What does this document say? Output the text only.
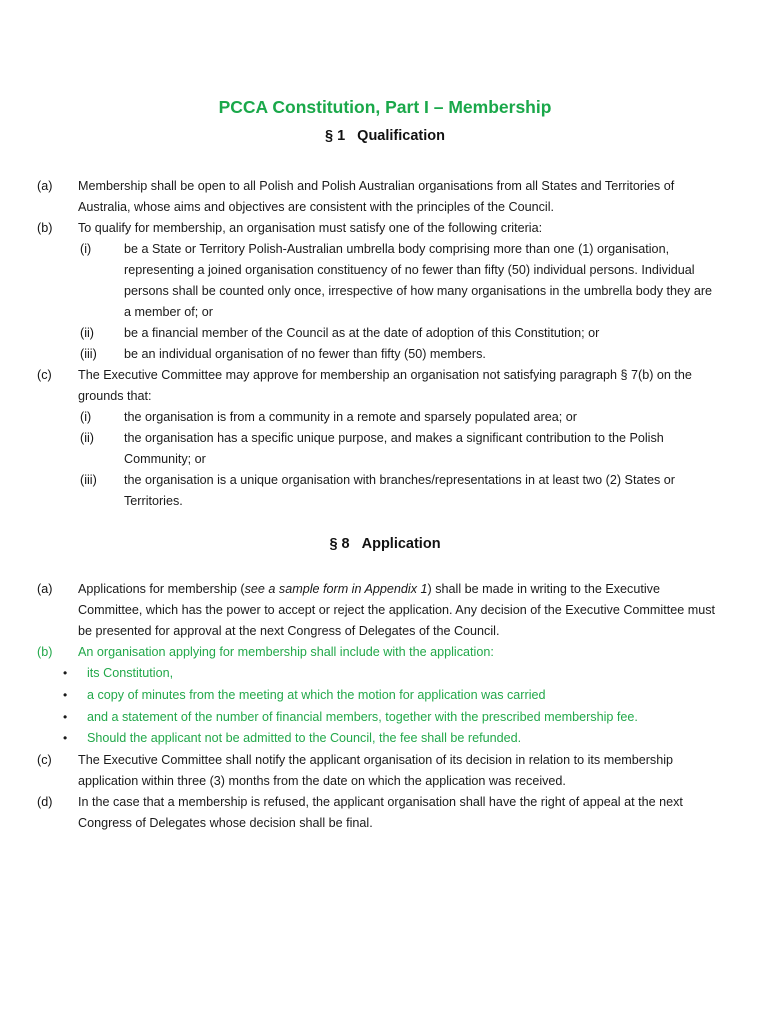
PCCA Constitution, Part I – Membership
§ 1 Qualification
(a) Membership shall be open to all Polish and Polish Australian organisations from all States and Territories of
Australia, whose aims and objectives are consistent with the principles of the Council.
(b) To qualify for membership, an organisation must satisfy one of the following criteria:
(i)	be a State or Territory Polish-Australian umbrella body comprising more than one (1) organisation,
representing a joined organisation constituency of no fewer than fifty (50) individual persons. Individual
persons shall be counted only once, irrespective of how many organisations in the umbrella body they are
a member of; or
(ii) be a financial member of the Council as at the date of adoption of this Constitution; or
(iii) be an individual organisation of no fewer than fifty (50) members.
(c) The Executive Committee may approve for membership an organisation not satisfying paragraph § 7(b) on the
grounds that:
(i)	the organisation is from a community in a remote and sparsely populated area; or
(ii) the organisation has a specific unique purpose, and makes a significant contribution to the Polish
Community; or
(iii) the organisation is a unique organisation with branches/representations in at least two (2) States or
Territories.
§ 8 Application
(a) Applications for membership (see a sample form in Appendix 1) shall be made in writing to the Executive
Committee, which has the power to accept or reject the application. Any decision of the Executive Committee must
be presented for approval at the next Congress of Delegates of the Council.
(b) An organisation applying for membership shall include with the application:
• its Constitution,
• a copy of minutes from the meeting at which the motion for application was carried
• and a statement of the number of financial members, together with the prescribed membership fee.
• Should the applicant not be admitted to the Council, the fee shall be refunded.
(c) The Executive Committee shall notify the applicant organisation of its decision in relation to its membership
application within three (3) months from the date on which the application was received.
(d) In the case that a membership is refused, the applicant organisation shall have the right of appeal at the next
Congress of Delegates whose decision shall be final.
